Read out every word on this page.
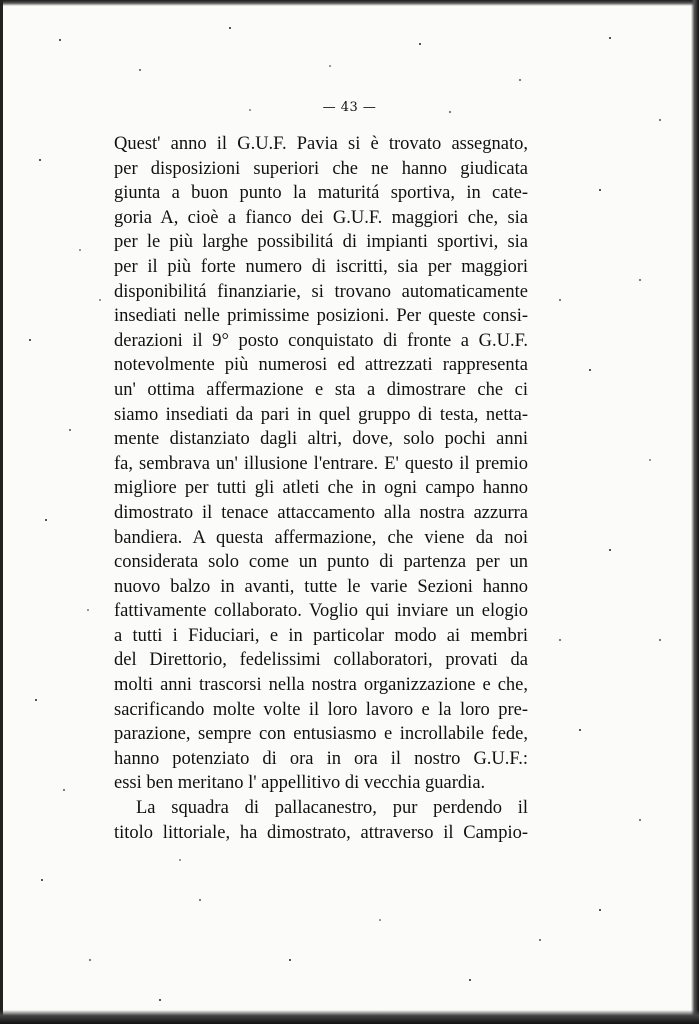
— 43 —
Quest' anno il G.U.F. Pavia si è trovato assegnato,
per disposizioni superiori che ne hanno giudicata
giunta a buon punto la maturitá sportiva, in cate-
goria A, cioè a fianco dei G.U.F. maggiori che, sia
per le più larghe possibilitá di impianti sportivi, sia
per il più forte numero di iscritti, sia per maggiori
disponibilitá finanziarie, si trovano automaticamente
insediati nelle primissime posizioni. Per queste consi-
derazioni il 9° posto conquistato di fronte a G.U.F.
notevolmente più numerosi ed attrezzati rappresenta
un' ottima affermazione e sta a dimostrare che ci
siamo insediati da pari in quel gruppo di testa, netta-
mente distanziato dagli altri, dove, solo pochi anni
fa, sembrava un' illusione l'entrare. E' questo il premio
migliore per tutti gli atleti che in ogni campo hanno
dimostrato il tenace attaccamento alla nostra azzurra
bandiera. A questa affermazione, che viene da noi
considerata solo come un punto di partenza per un
nuovo balzo in avanti, tutte le varie Sezioni hanno
fattivamente collaborato. Voglio qui inviare un elogio
a tutti i Fiduciari, e in particolar modo ai membri
del Direttorio, fedelissimi collaboratori, provati da
molti anni trascorsi nella nostra organizzazione e che,
sacrificando molte volte il loro lavoro e la loro pre-
parazione, sempre con entusiasmo e incrollabile fede,
hanno potenziato di ora in ora il nostro G.U.F.:
essi ben meritano l' appellitivo di vecchia guardia.
La squadra di pallacanestro, pur perdendo il
titolo littoriale, ha dimostrato, attraverso il Campio-
